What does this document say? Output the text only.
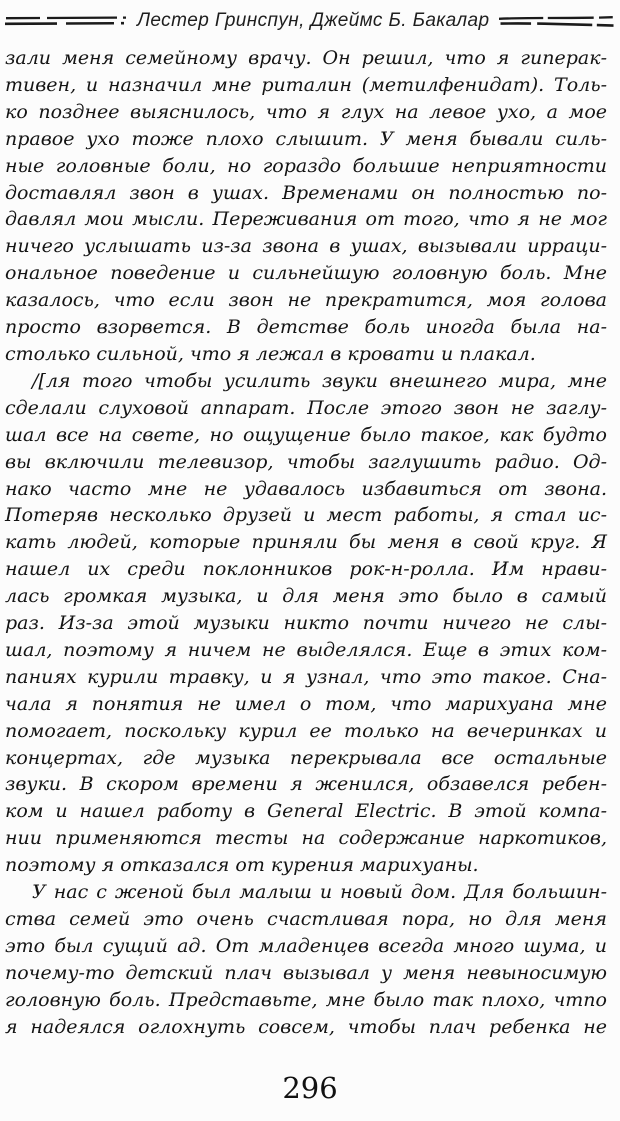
Лестер Гринспун, Джеймс Б. Бакалар
зали меня семейному врачу. Он решил, что я гиперак-
тивен, и назначил мне риталин (метилфенидат). Толь-
ко позднее выяснилось, что я глух на левое ухо, а мое
правое ухо тоже плохо слышит. У меня бывали силь-
ные головные боли, но гораздо большие неприятности
доставлял звон в ушах. Временами он полностью по-
давлял мои мысли. Переживания от того, что я не мог
ничего услышать из-за звона в ушах, вызывали ирраци-
ональное поведение и сильнейшую головную боль. Мне
казалось, что если звон не прекратится, моя голова
просто взорвется. В детстве боль иногда была на-
столько сильной, что я лежал в кровати и плакал.
/[ля того чтобы усилить звуки внешнего мира, мне
сделали слуховой аппарат. После этого звон не заглу-
шал все на свете, но ощущение было такое, как будто
вы включили телевизор, чтобы заглушить радио. Од-
нако часто мне не удавалось избавиться от звона.
Потеряв несколько друзей и мест работы, я стал ис-
кать людей, которые приняли бы меня в свой круг. Я
нашел их среди поклонников рок-н-ролла. Им нрави-
лась громкая музыка, и для меня это было в самый
раз. Из-за этой музыки никто почти ничего не слы-
шал, поэтому я ничем не выделялся. Еще в этих ком-
паниях курили травку, и я узнал, что это такое. Сна-
чала я понятия не имел о том, что марихуана мне
помогает, поскольку курил ее только на вечеринках и
концертах, где музыка перекрывала все остальные
звуки. В скором времени я женился, обзавелся ребен-
ком и нашел работу в General Electric. В этой компа-
нии применяются тесты на содержание наркотиков,
поэтому я отказался от курения марихуаны.
У нас с женой был малыш и новый дом. Для большин-
ства семей это очень счастливая пора, но для меня
это был сущий ад. От младенцев всегда много шума, и
почему-то детский плач вызывал у меня невыносимую
головную боль. Представьте, мне было так плохо, чтпо
я надеялся оглохнуть совсем, чтобы плач ребенка не
296
